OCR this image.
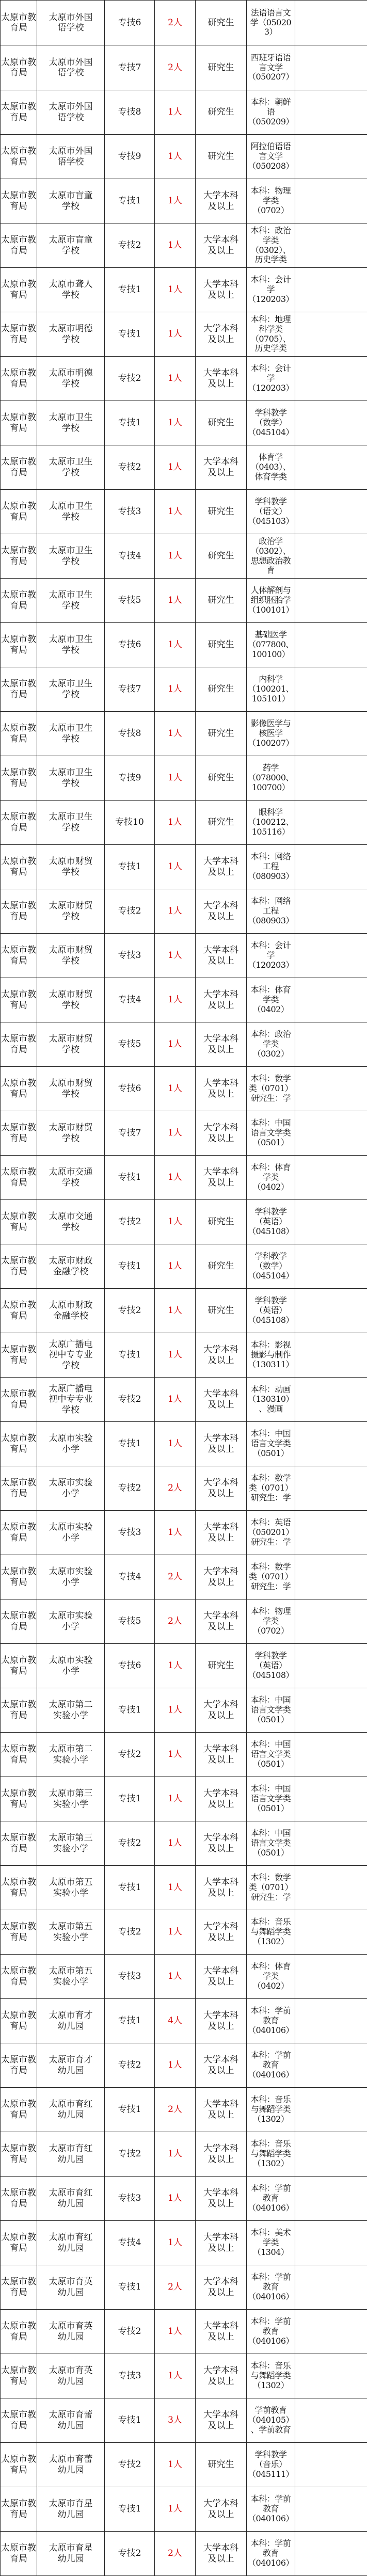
太原市教育局	太原市外国
语学校	专技6	2人	研究生	法语语言文
学（050203）	
太原市教育局	太原市外国
语学校	专技7	2人	研究生	西班牙语语
言文学
（050207）	
太原市教育局	太原市外国
语学校	专技8	1人	研究生	本科：朝鲜
语
（050209）	
太原市教育局	太原市外国
语学校	专技9	1人	研究生	阿拉伯语语
言文学
（050208）	
太原市教育局	太原市盲童
学校	专技1	1人	大学本科
及以上	本科：物理
学类
（0702）	
太原市教育局	太原市盲童
学校	专技2	1人	大学本科
及以上	本科：政治
学类
（0302）、
历史学类	
太原市教育局	太原市聋人
学校	专技1	1人	大学本科
及以上	本科：会计
学
（120203）	
太原市教育局	太原市明德
学校	专技1	1人	大学本科
及以上	本科：地理
科学类
（0705）、
历史学类	
太原市教育局	太原市明德
学校	专技2	1人	大学本科
及以上	本科：会计
学
（120203）	
太原市教育局	太原市卫生
学校	专技1	1人	研究生	学科教学
（数学）
（045104）	
太原市教育局	太原市卫生
学校	专技2	1人	大学本科
及以上	体育学
（0403）、
体育学类	
太原市教育局	太原市卫生
学校	专技3	1人	研究生	学科教学
（语文）
（045103）	
太原市教育局	太原市卫生
学校	专技4	1人	研究生	政治学
（0302）、
思想政治教育	
太原市教育局	太原市卫生
学校	专技5	1人	研究生	人体解剖与
组织胚胎学
（100101）	
太原市教育局	太原市卫生
学校	专技6	1人	研究生	基础医学
（077800、
100100）	
太原市教育局	太原市卫生
学校	专技7	1人	研究生	内科学
（100201、
105101）	
太原市教育局	太原市卫生
学校	专技8	1人	研究生	影像医学与
核医学
（100207）	
太原市教育局	太原市卫生
学校	专技9	1人	研究生	药学
（078000、
100700）	
太原市教育局	太原市卫生
学校	专技10	1人	研究生	眼科学
（100212、
105116）	
太原市教育局	太原市财贸
学校	专技1	1人	大学本科
及以上	本科：网络
工程
（080903）	
太原市教育局	太原市财贸
学校	专技2	1人	大学本科
及以上	本科：网络
工程
（080903）	
太原市教育局	太原市财贸
学校	专技3	1人	大学本科
及以上	本科：会计
学
（120203）	
太原市教育局	太原市财贸
学校	专技4	1人	大学本科
及以上	本科：体育
学类
（0402）	
太原市教育局	太原市财贸
学校	专技5	1人	大学本科
及以上	本科：政治
学类
（0302）	
太原市教育局	太原市财贸
学校	专技6	1人	大学本科
及以上	本科：数学
类（0701）
研究生：学	
太原市教育局	太原市财贸
学校	专技7	1人	大学本科
及以上	本科：中国
语言文学类
（0501）	
太原市教育局	太原市交通
学校	专技1	1人	大学本科
及以上	本科：体育
学类
（0402）	
太原市教育局	太原市交通
学校	专技2	1人	研究生	学科教学
（英语）
（045108）	
太原市教育局	太原市财政
金融学校	专技1	1人	研究生	学科教学
（数学）
（045104）	
太原市教育局	太原市财政
金融学校	专技2	1人	研究生	学科教学
（英语）
（045108）	
太原市教育局	太原广播电
视中专专业
学校	专技1	1人	大学本科
及以上	本科：影视
摄影与制作
（130311）	
太原市教育局	太原广播电
视中专专业
学校	专技2	1人	大学本科
及以上	本科：动画
（130310）
、漫画	
太原市教育局	太原市实验
小学	专技1	1人	大学本科
及以上	本科：中国
语言文学类
（0501）	
太原市教育局	太原市实验
小学	专技2	2人	大学本科
及以上	本科：数学
类（0701）
研究生：学	
太原市教育局	太原市实验
小学	专技3	1人	大学本科
及以上	本科：英语
（050201）
研究生：学	
太原市教育局	太原市实验
小学	专技4	2人	大学本科
及以上	本科：数学
类（0701）
研究生：学	
太原市教育局	太原市实验
小学	专技5	2人	大学本科
及以上	本科：物理
学类
（0702）	
太原市教育局	太原市实验
小学	专技6	1人	研究生	学科教学
（英语）
（045108）	
太原市教育局	太原市第二
实验小学	专技1	1人	大学本科
及以上	本科：中国
语言文学类
（0501）	
太原市教育局	太原市第二
实验小学	专技2	1人	大学本科
及以上	本科：中国
语言文学类
（0501）	
太原市教育局	太原市第三
实验小学	专技1	1人	大学本科
及以上	本科：中国
语言文学类
（0501）	
太原市教育局	太原市第三
实验小学	专技2	1人	大学本科
及以上	本科：中国
语言文学类
（0501）	
太原市教育局	太原市第五
实验小学	专技1	1人	大学本科
及以上	本科：数学
类（0701）
研究生：学	
太原市教育局	太原市第五
实验小学	专技2	1人	大学本科
及以上	本科：音乐
与舞蹈学类
（1302）	
太原市教育局	太原市第五
实验小学	专技3	1人	大学本科
及以上	本科：体育
学类
（0402）	
太原市教育局	太原市育才
幼儿园	专技1	4人	大学本科
及以上	本科：学前
教育
（040106）	
太原市教育局	太原市育才
幼儿园	专技2	1人	大学本科
及以上	本科：学前
教育
（040106）	
太原市教育局	太原市育红
幼儿园	专技1	2人	大学本科
及以上	本科：音乐
与舞蹈学类
（1302）	
太原市教育局	太原市育红
幼儿园	专技2	1人	大学本科
及以上	本科：音乐
与舞蹈学类
（1302）	
太原市教育局	太原市育红
幼儿园	专技3	1人	大学本科
及以上	本科：学前
教育
（040106）	
太原市教育局	太原市育红
幼儿园	专技4	1人	大学本科
及以上	本科：美术
学类
（1304）	
太原市教育局	太原市育英
幼儿园	专技1	2人	大学本科
及以上	本科：学前
教育
（040106）	
太原市教育局	太原市育英
幼儿园	专技2	1人	大学本科
及以上	本科：学前
教育
（040106）	
太原市教育局	太原市育英
幼儿园	专技3	1人	大学本科
及以上	本科：音乐
与舞蹈学类
（1302）	
太原市教育局	太原市育蕾
幼儿园	专技1	3人	大学本科
及以上	学前教育
（040105）
、学前教育	
太原市教育局	太原市育蕾
幼儿园	专技2	1人	研究生	学科教学
（音乐）
（045111）	
太原市教育局	太原市育星
幼儿园	专技1	1人	大学本科
及以上	本科：学前
教育
（040106）	
太原市教育局	太原市育星
幼儿园	专技2	2人	大学本科
及以上	本科：学前
教育
（040106）	
